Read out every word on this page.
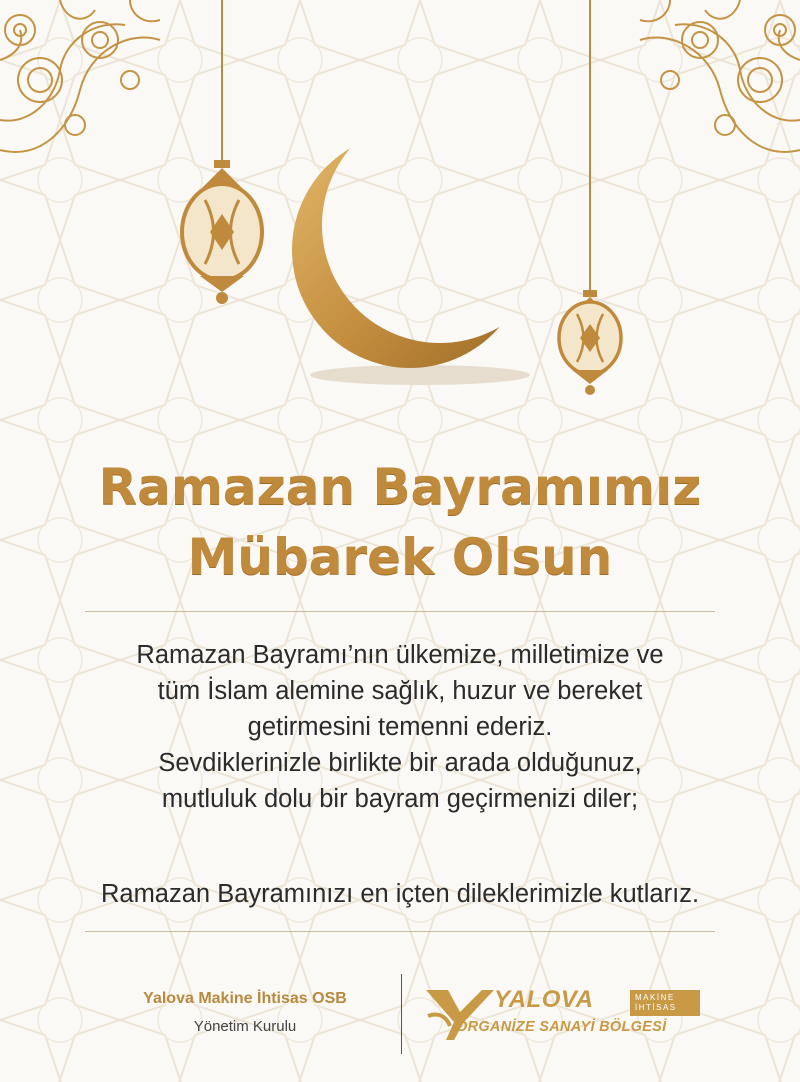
Ramazan Bayramımız
Mübarek Olsun
Ramazan Bayramı’nın ülkemize, milletimize ve
tüm İslam alemine sağlık, huzur ve bereket
getirmesini temenni ederiz.
Sevdiklerinizle birlikte bir arada olduğunuz,
mutluluk dolu bir bayram geçirmenizi diler;
Ramazan Bayramınızı en içten dileklerimizle kutlarız.
Yalova Makine İhtisas OSB
Yönetim Kurulu
YALOVA	MAKİNE
İHTİSAS
ORGANİZE SANAYİ BÖLGESİ
